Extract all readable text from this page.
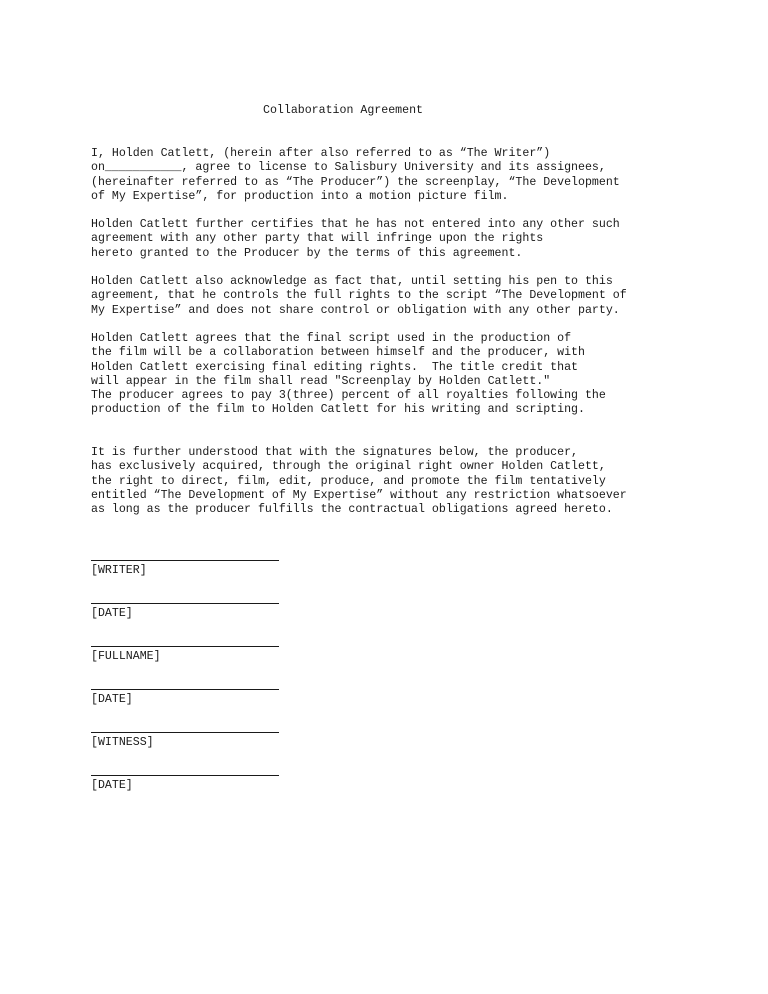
Collaboration Agreement
I, Holden Catlett, (herein after also referred to as “The Writer”)
on___________, agree to license to Salisbury University and its assignees,
(hereinafter referred to as “The Producer”) the screenplay, “The Development
of My Expertise”, for production into a motion picture film.
Holden Catlett further certifies that he has not entered into any other such
agreement with any other party that will infringe upon the rights
hereto granted to the Producer by the terms of this agreement.
Holden Catlett also acknowledge as fact that, until setting his pen to this
agreement, that he controls the full rights to the script “The Development of
My Expertise” and does not share control or obligation with any other party.
Holden Catlett agrees that the final script used in the production of
the film will be a collaboration between himself and the producer, with
Holden Catlett exercising final editing rights.  The title credit that
will appear in the film shall read "Screenplay by Holden Catlett."
The producer agrees to pay 3(three) percent of all royalties following the
production of the film to Holden Catlett for his writing and scripting.
It is further understood that with the signatures below, the producer,
has exclusively acquired, through the original right owner Holden Catlett,
the right to direct, film, edit, produce, and promote the film tentatively
entitled “The Development of My Expertise” without any restriction whatsoever
as long as the producer fulfills the contractual obligations agreed hereto.
[WRITER]
[DATE]
[FULLNAME]
[DATE]
[WITNESS]
[DATE]
